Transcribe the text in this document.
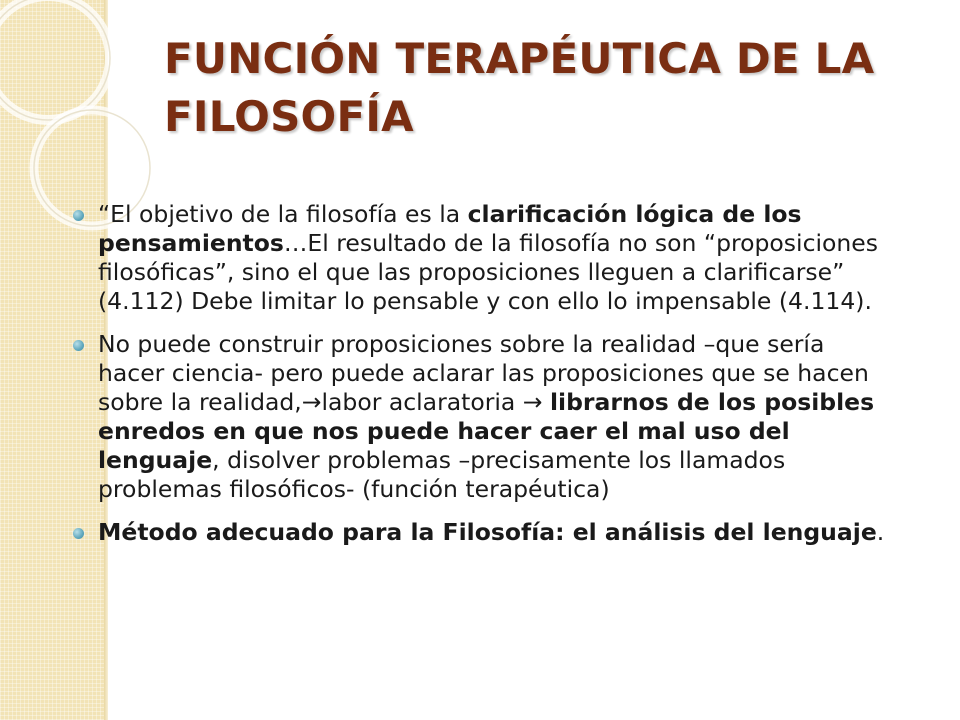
FUNCIÓN TERAPÉUTICA DE LA FILOSOFÍA
“El objetivo de la filosofía es la clarificación lógica de los pensamientos…El resultado de la filosofía no son “proposiciones filosóficas”, sino el que las proposiciones lleguen a clarificarse” (4.112) Debe limitar lo pensable y con ello lo impensable (4.114).
No puede construir proposiciones sobre la realidad –que sería hacer ciencia- pero puede aclarar las proposiciones que se hacen sobre la realidad,→labor aclaratoria → librarnos de los posibles enredos en que nos puede hacer caer el mal uso del lenguaje, disolver problemas –precisamente los llamados problemas filosóficos- (función terapéutica)
Método adecuado para la Filosofía: el análisis del lenguaje.
